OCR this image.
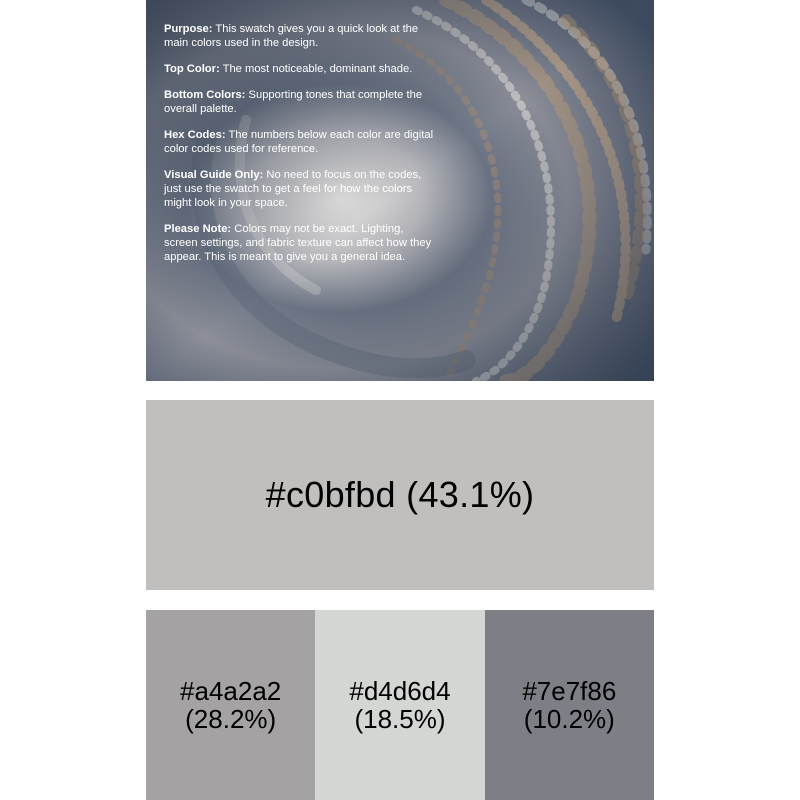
Purpose: This swatch gives you a quick look at the main colors used in the design.

Top Color: The most noticeable, dominant shade.

Bottom Colors: Supporting tones that complete the overall palette.

Hex Codes: The numbers below each color are digital color codes used for reference.

Visual Guide Only: No need to focus on the codes, just use the swatch to get a feel for how the colors might look in your space.

Please Note: Colors may not be exact. Lighting, screen settings, and fabric texture can affect how they appear. This is meant to give you a general idea.

#c0bfbd (43.1%)
#a4a2a2
(28.2%)
#d4d6d4
(18.5%)
#7e7f86
(10.2%)
